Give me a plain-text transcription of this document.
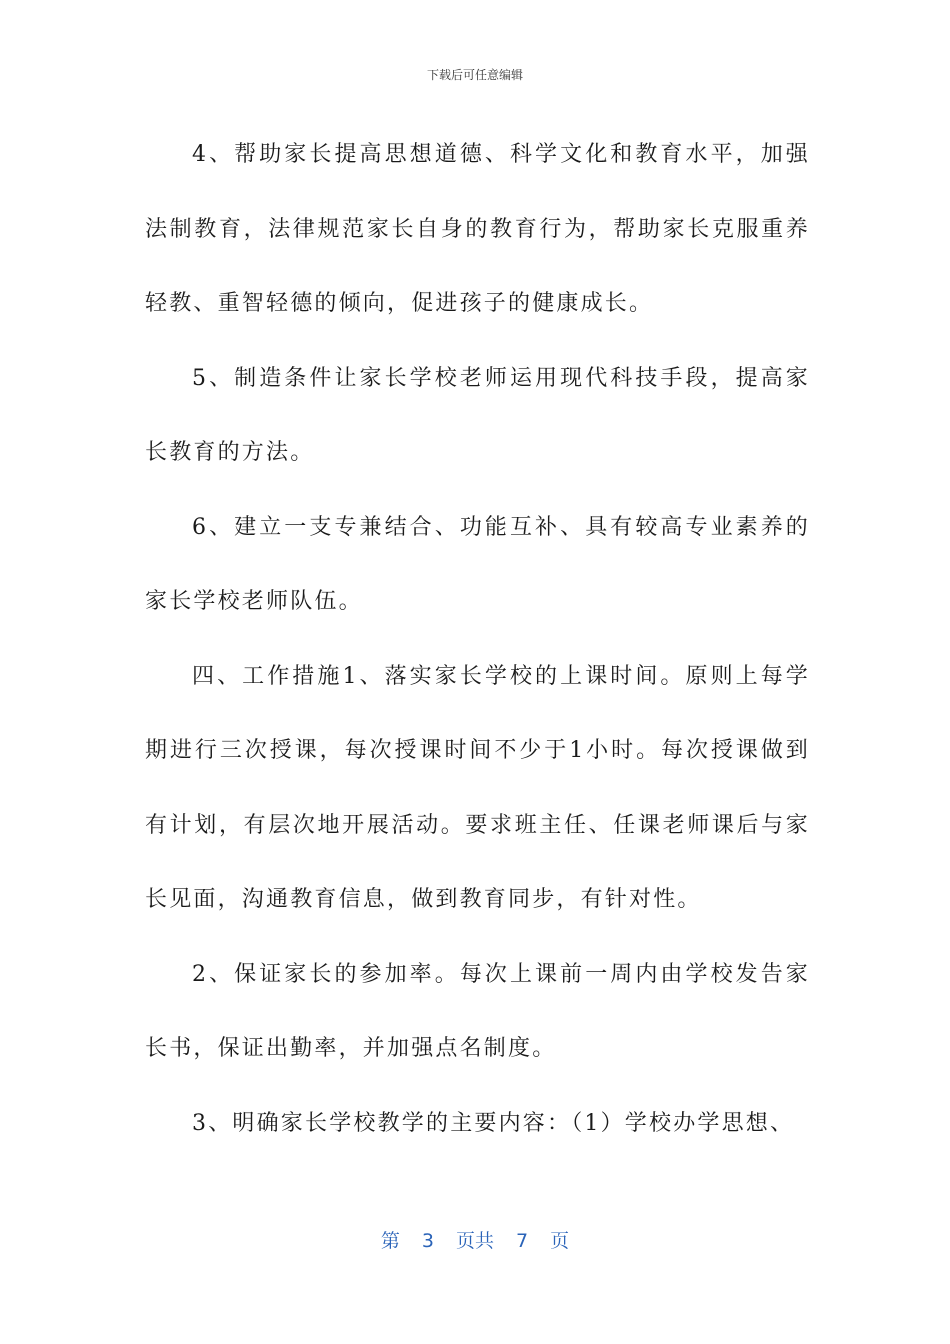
下载后可任意编辑

4、帮助家长提高思想道德、科学文化和教育水平，加强法制教育，法律规范家长自身的教育行为，帮助家长克服重养轻教、重智轻德的倾向，促进孩子的健康成长。

5、制造条件让家长学校老师运用现代科技手段，提高家长教育的方法。

6、建立一支专兼结合、功能互补、具有较高专业素养的家长学校老师队伍。

四、工作措施1、落实家长学校的上课时间。原则上每学期进行三次授课，每次授课时间不少于1小时。每次授课做到有计划，有层次地开展活动。要求班主任、任课老师课后与家长见面，沟通教育信息，做到教育同步，有针对性。

2、保证家长的参加率。每次上课前一周内由学校发告家长书，保证出勤率，并加强点名制度。

3、明确家长学校教学的主要内容：（1）学校办学思想、

第 3 页共 7 页
